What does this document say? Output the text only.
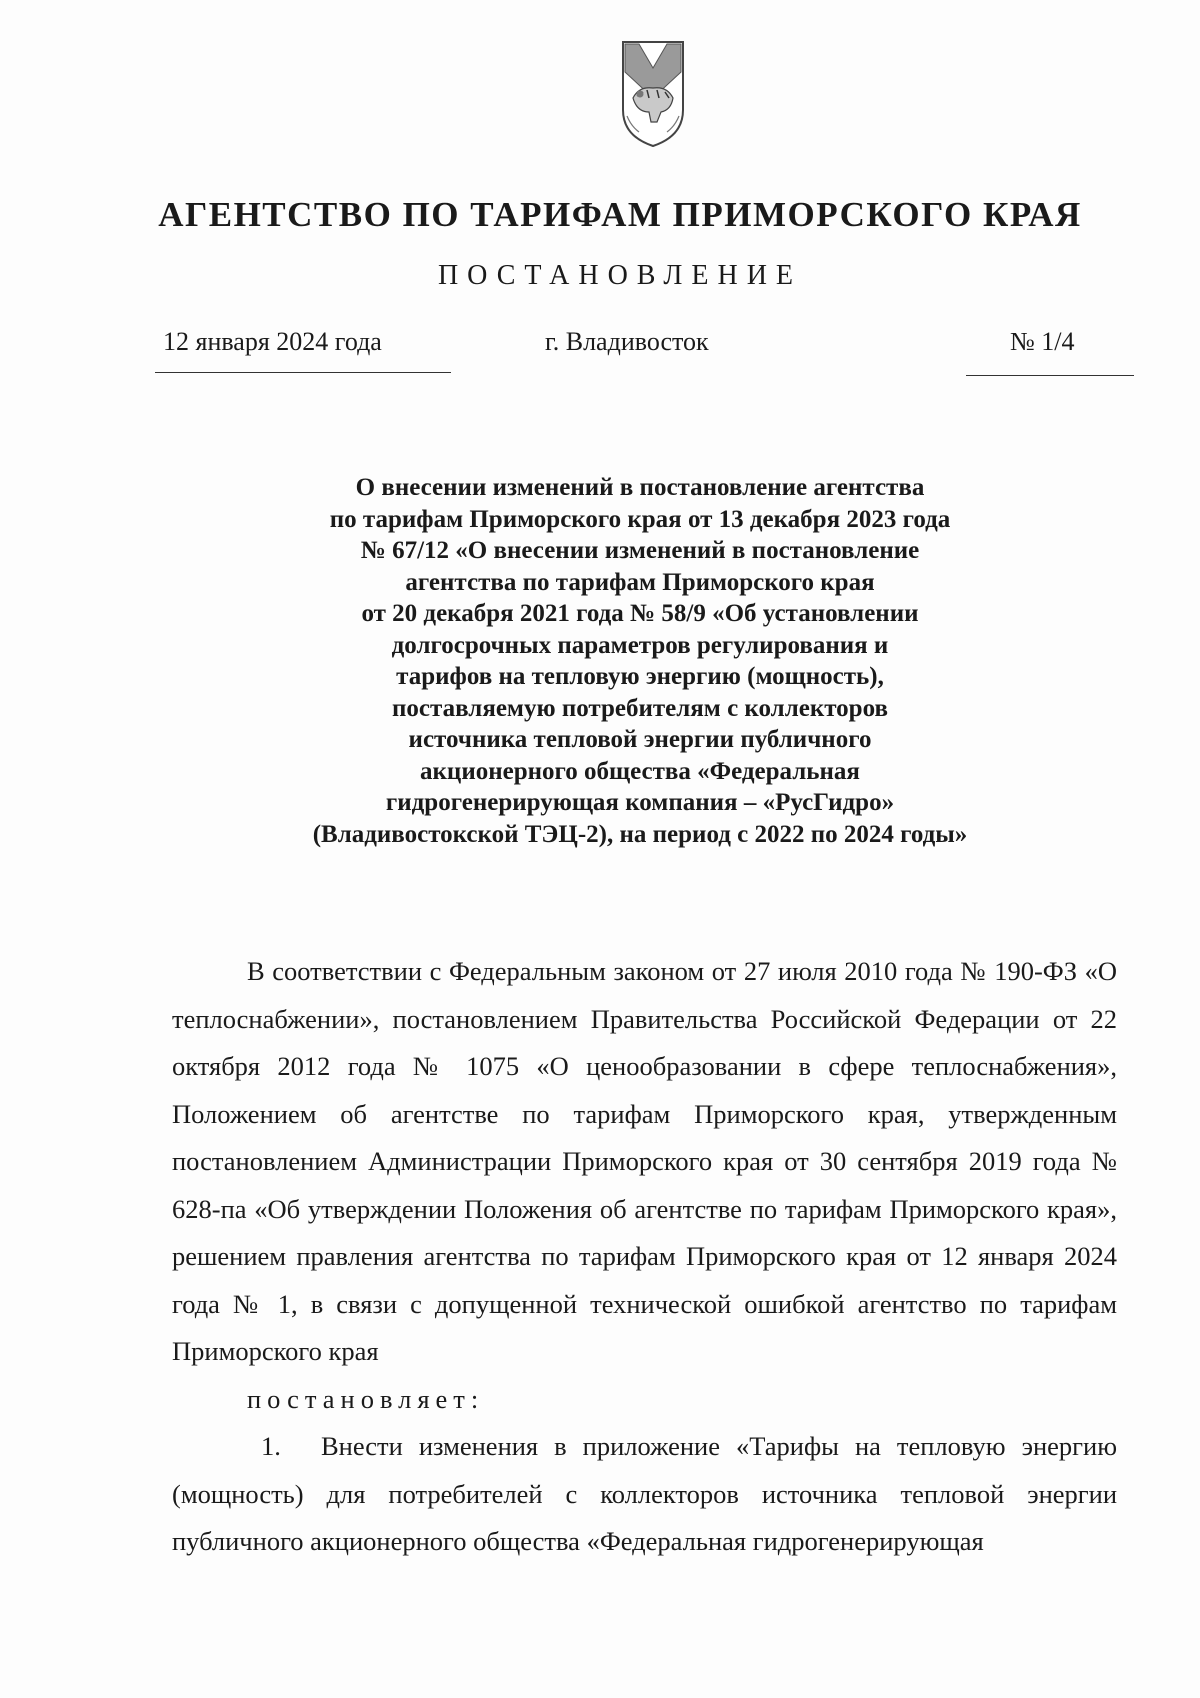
АГЕНТСТВО ПО ТАРИФАМ ПРИМОРСКОГО КРАЯ
ПОСТАНОВЛЕНИЕ
12 января 2024 года	г. Владивосток	№ 1/4
О внесении изменений в постановление агентства
по тарифам Приморского края от 13 декабря 2023 года
№ 67/12 «О внесении изменений в постановление
агентства по тарифам Приморского края
от 20 декабря 2021 года № 58/9 «Об установлении
долгосрочных параметров регулирования и
тарифов на тепловую энергию (мощность),
поставляемую потребителям с коллекторов
источника тепловой энергии публичного
акционерного общества «Федеральная
гидрогенерирующая компания – «РусГидро»
(Владивостокской ТЭЦ-2), на период с 2022 по 2024 годы»

В соответствии с Федеральным законом от 27 июля 2010 года № 190-ФЗ «О теплоснабжении», постановлением Правительства Российской Федерации от 22 октября 2012 года № 1075 «О ценообразовании в сфере теплоснабжения», Положением об агентстве по тарифам Приморского края, утвержденным постановлением Администрации Приморского края от 30 сентября 2019 года № 628-па «Об утверждении Положения об агентстве по тарифам Приморского края», решением правления агентства по тарифам Приморского края от 12 января 2024 года № 1, в связи с допущенной технической ошибкой агентство по тарифам Приморского края
постановляет:

1. Внести изменения в приложение «Тарифы на тепловую энергию (мощность) для потребителей с коллекторов источника тепловой энергии публичного акционерного общества «Федеральная гидрогенерирующая
